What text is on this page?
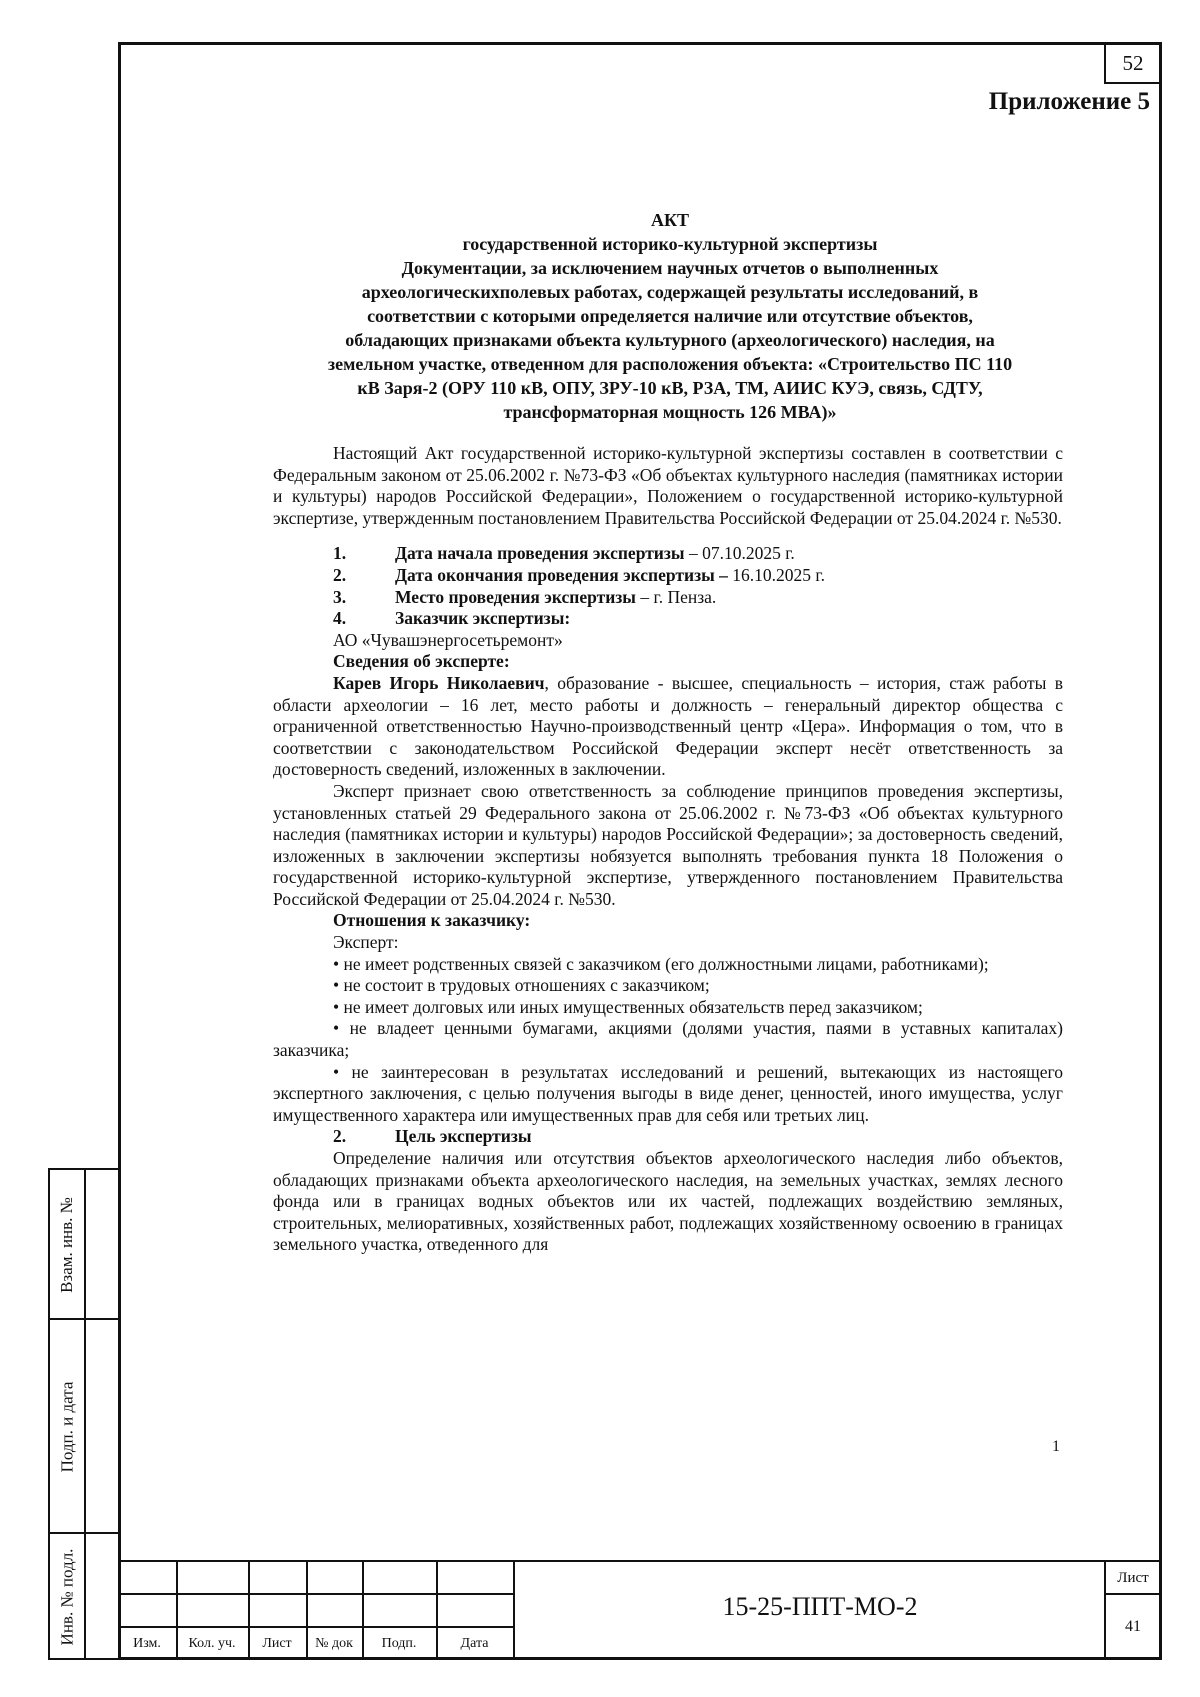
52
Приложение 5
АКТ
государственной историко-культурной экспертизы
Документации, за исключением научных отчетов о выполненных
археологическихполевых работах, содержащей результаты исследований, в
соответствии с которыми определяется наличие или отсутствие объектов,
обладающих признаками объекта культурного (археологического) наследия, на
земельном участке, отведенном для расположения объекта: «Строительство ПС 110
кВ Заря-2 (ОРУ 110 кВ, ОПУ, ЗРУ-10 кВ, РЗА, ТМ, АИИС КУЭ, связь, СДТУ,
трансформаторная мощность 126 МВА)»

Настоящий Акт государственной историко-культурной экспертизы составлен в соответствии с Федеральным законом от 25.06.2002 г. №73-ФЗ «Об объектах культурного наследия (памятниках истории и культуры) народов Российской Федерации», Положением о государственной историко-культурной экспертизе, утвержденным постановлением Правительства Российской Федерации от 25.04.2024 г. №530.

1.	Дата начала проведения экспертизы – 07.10.2025 г.
2.	Дата окончания проведения экспертизы – 16.10.2025 г.
3.	Место проведения экспертизы – г. Пенза.
4.	Заказчик экспертизы:

АО «Чувашэнергосетьремонт»

Сведения об эксперте:

Карев Игорь Николаевич, образование - высшее, специальность – история, стаж работы в области археологии – 16 лет, место работы и должность – генеральный директор общества с ограниченной ответственностью Научно-производственный центр «Цера». Информация о том, что в соответствии с законодательством Российской Федерации эксперт несёт ответственность за достоверность сведений, изложенных в заключении.

Эксперт признает свою ответственность за соблюдение принципов проведения экспертизы, установленных статьей 29 Федерального закона от 25.06.2002 г. №73-ФЗ «Об объектах культурного наследия (памятниках истории и культуры) народов Российской Федерации»; за достоверность сведений, изложенных в заключении экспертизы нобязуется выполнять требования пункта 18 Положения о государственной историко-культурной экспертизе, утвержденного постановлением Правительства Российской Федерации от 25.04.2024 г. №530.

Отношения к заказчику:

Эксперт:

• не имеет родственных связей с заказчиком (его должностными лицами, работниками);

• не состоит в трудовых отношениях с заказчиком;

• не имеет долговых или иных имущественных обязательств перед заказчиком;

• не владеет ценными бумагами, акциями (долями участия, паями в уставных капиталах) заказчика;

• не заинтересован в результатах исследований и решений, вытекающих из настоящего экспертного заключения, с целью получения выгоды в виде денег, ценностей, иного имущества, услуг имущественного характера или имущественных прав для себя или третьих лиц.

2.	Цель экспертизы

Определение наличия или отсутствия объектов археологического наследия либо объектов, обладающих признаками объекта археологического наследия, на земельных участках, землях лесного фонда или в границах водных объектов или их частей, подлежащих воздействию земляных, строительных, мелиоративных, хозяйственных работ, подлежащих хозяйственному освоению в границах земельного участка, отведенного для

1
Взам. инв. №
Подп. и дата
Инв. № подл.	Изм.	Кол. уч.	Лист	№ док	Подп.	Дата
15-25-ППТ-МО-2
Лист
41
